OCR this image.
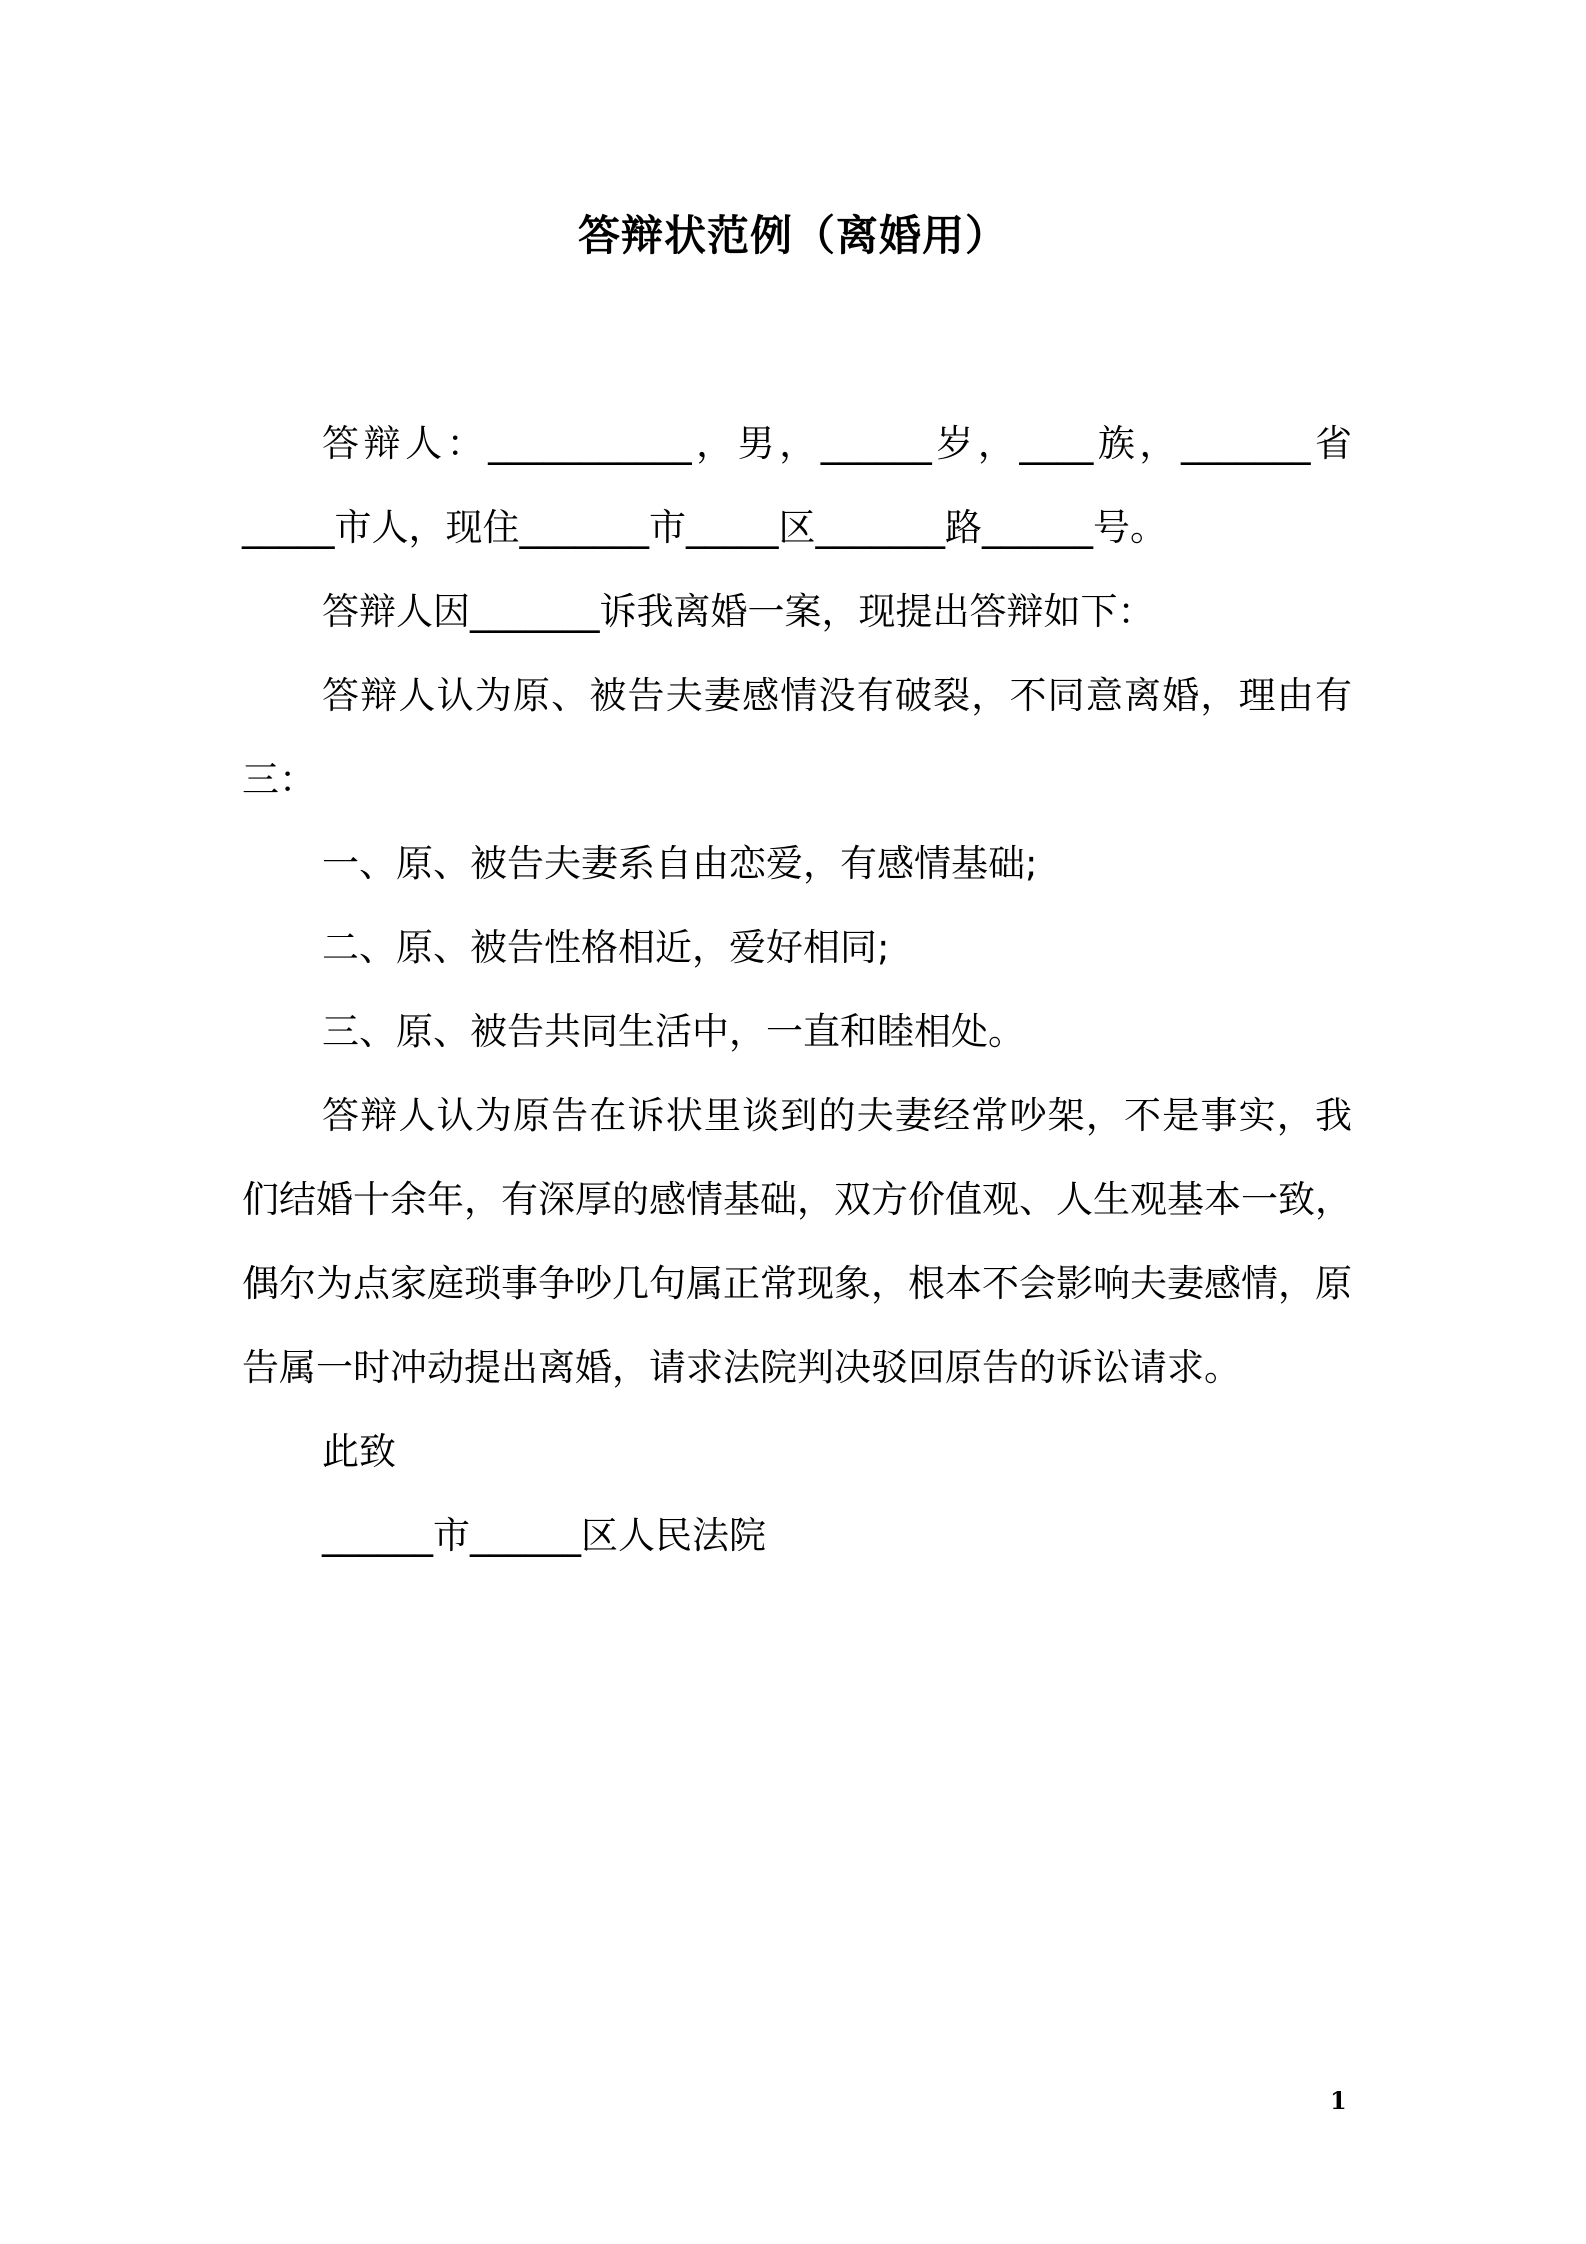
答辩状范例（离婚用）

答辩人：___________，男，______岁，____族，_______省_____市人，现住_______市_____区_______路______号。

答辩人因_______诉我离婚一案，现提出答辩如下：

答辩人认为原、被告夫妻感情没有破裂，不同意离婚，理由有三：

一、原、被告夫妻系自由恋爱，有感情基础;

二、原、被告性格相近，爱好相同;

三、原、被告共同生活中，一直和睦相处。

答辩人认为原告在诉状里谈到的夫妻经常吵架，不是事实，我们结婚十余年，有深厚的感情基础，双方价值观、人生观基本一致，偶尔为点家庭琐事争吵几句属正常现象，根本不会影响夫妻感情，原告属一时冲动提出离婚，请求法院判决驳回原告的诉讼请求。

此致

______市______区人民法院

1
